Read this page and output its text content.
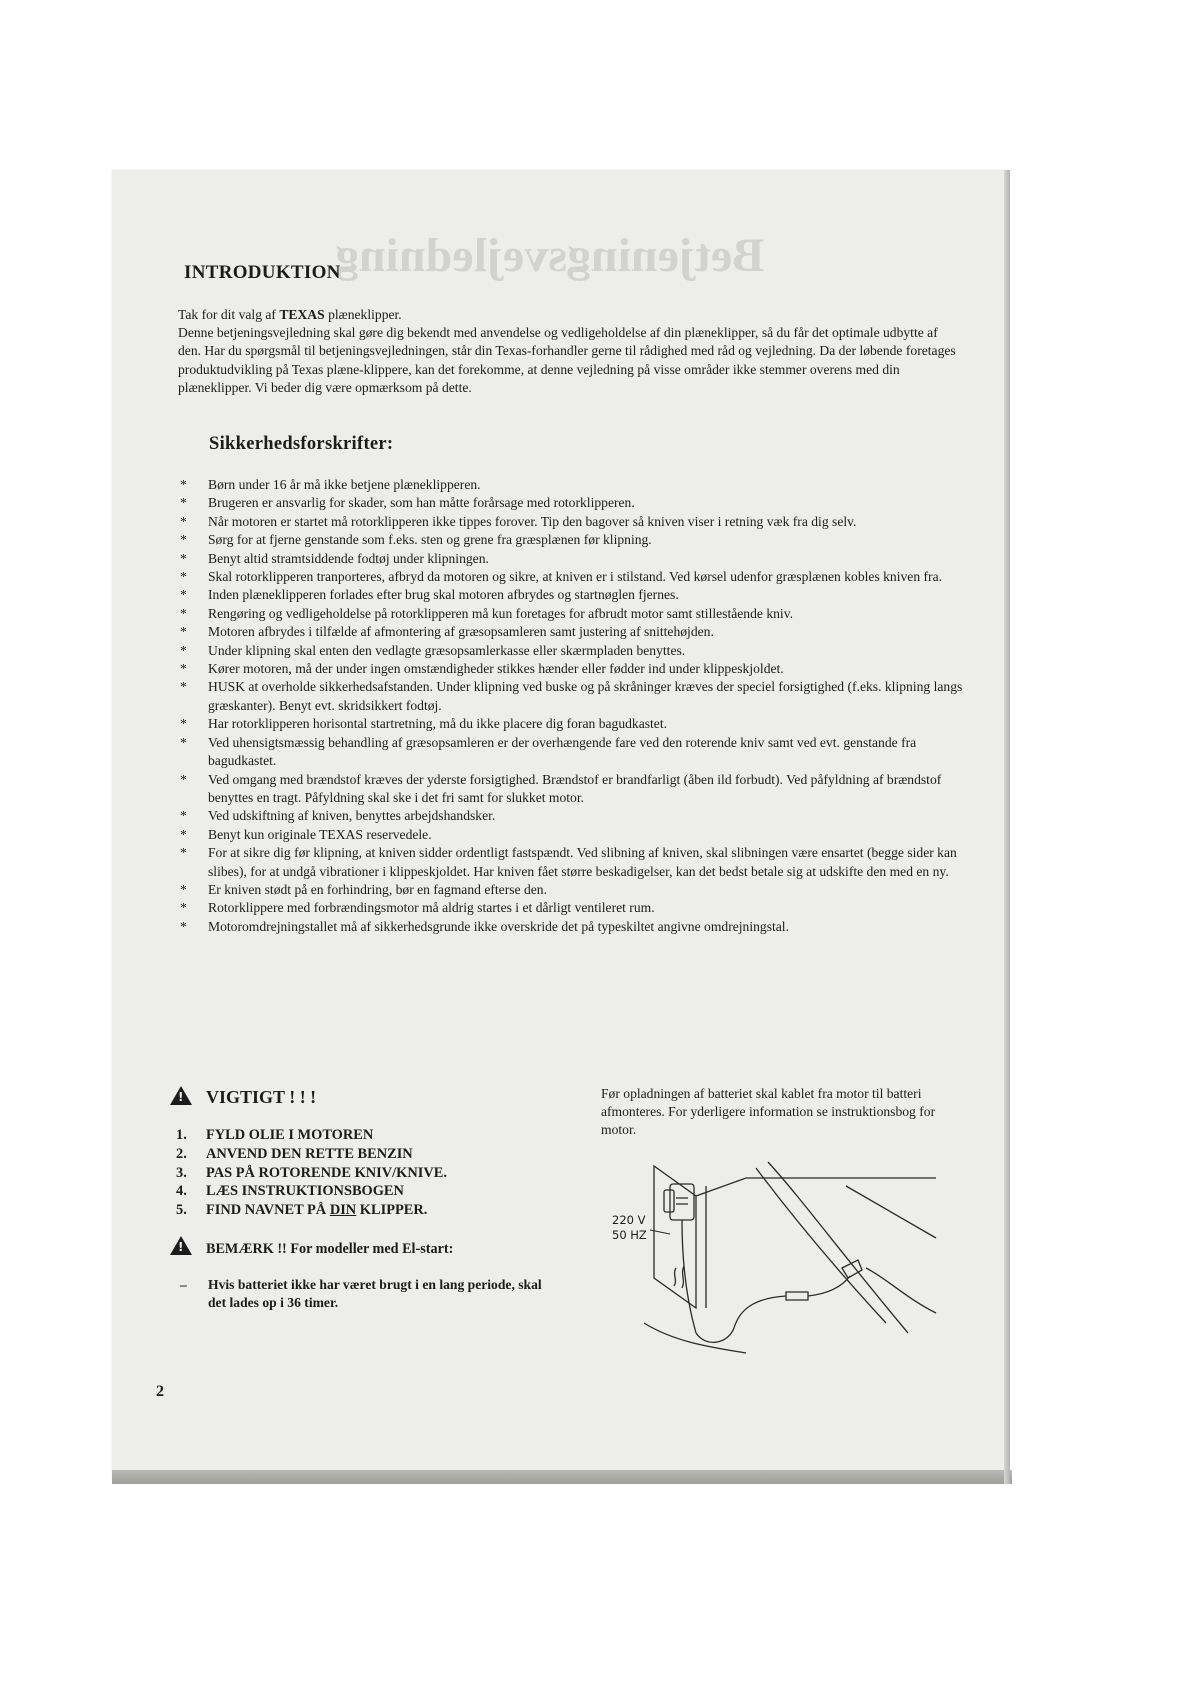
Betjeningsvejledning
INTRODUKTION

Tak for dit valg af TEXAS plæneklipper.

Denne betjeningsvejledning skal gøre dig bekendt med anvendelse og vedligeholdelse af din plæneklipper, så du får det optimale udbytte af den. Har du spørgsmål til betjeningsvejledningen, står din Texas-forhandler gerne til rådighed med råd og vejledning. Da der løbende foretages produktudvikling på Texas plæne-klippere, kan det forekomme, at denne vejledning på visse områder ikke stemmer overens med din plæneklipper. Vi beder dig være opmærksom på dette.

Sikkerhedsforskrifter:
* Børn under 16 år må ikke betjene plæneklipperen.
* Brugeren er ansvarlig for skader, som han måtte forårsage med rotorklipperen.
* Når motoren er startet må rotorklipperen ikke tippes forover. Tip den bagover så kniven viser i retning væk fra dig selv.
* Sørg for at fjerne genstande som f.eks. sten og grene fra græsplænen før klipning.
* Benyt altid stramtsiddende fodtøj under klipningen.
* Skal rotorklipperen tranporteres, afbryd da motoren og sikre, at kniven er i stilstand. Ved kørsel udenfor græsplænen kobles kniven fra.
* Inden plæneklipperen forlades efter brug skal motoren afbrydes og startnøglen fjernes.
* Rengøring og vedligeholdelse på rotorklipperen må kun foretages for afbrudt motor samt stillestående kniv.
* Motoren afbrydes i tilfælde af afmontering af græsopsamleren samt justering af snittehøjden.
* Under klipning skal enten den vedlagte græsopsamlerkasse eller skærmpladen benyttes.
* Kører motoren, må der under ingen omstændigheder stikkes hænder eller fødder ind under klippeskjoldet.
* HUSK at overholde sikkerhedsafstanden. Under klipning ved buske og på skråninger kræves der speciel forsigtighed (f.eks. klipning langs græskanter). Benyt evt. skridsikkert fodtøj.
* Har rotorklipperen horisontal startretning, må du ikke placere dig foran bagudkastet.
* Ved uhensigtsmæssig behandling af græsopsamleren er der overhængende fare ved den roterende kniv samt ved evt. genstande fra bagudkastet.
* Ved omgang med brændstof kræves der yderste forsigtighed. Brændstof er brandfarligt (åben ild forbudt). Ved påfyldning af brændstof benyttes en tragt. Påfyldning skal ske i det fri samt for slukket motor.
* Ved udskiftning af kniven, benyttes arbejdshandsker.
* Benyt kun originale TEXAS reservedele.
* For at sikre dig før klipning, at kniven sidder ordentligt fastspændt. Ved slibning af kniven, skal slibningen være ensartet (begge sider kan slibes), for at undgå vibrationer i klippeskjoldet. Har kniven fået større beskadigelser, kan det bedst betale sig at udskifte den med en ny.
* Er kniven stødt på en forhindring, bør en fagmand efterse den.
* Rotorklippere med forbrændingsmotor må aldrig startes i et dårligt ventileret rum.
* Motoromdrejningstallet må af sikkerhedsgrunde ikke overskride det på typeskiltet angivne omdrejningstal.
!VIGTIGT ! ! !
1. FYLD OLIE I MOTOREN
2. ANVEND DEN RETTE BENZIN
3. PAS PÅ ROTORENDE KNIV/KNIVE.
4. LÆS INSTRUKTIONSBOGEN
5. FIND NAVNET PÅ DIN KLIPPER.
!BEMÆRK !! For modeller med El-start:
–	Hvis batteriet ikke har været brugt i en lang periode, skal det lades op i 36 timer.
Før opladningen af batteriet skal kablet fra motor til batteri afmonteres. For yderligere information se instruktionsbog for motor.
220 V
50 HZ
2
